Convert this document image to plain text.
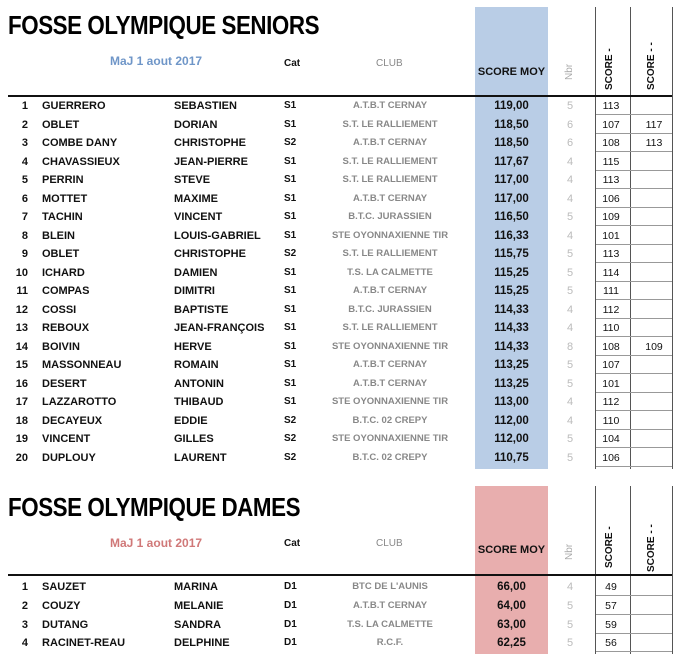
FOSSE OLYMPIQUE SENIORS
MaJ 1 aout 2017	Cat	CLUB
SCORE MOY Nbr	SCORE -	SCORE - -
1 GUERRERO	SEBASTIEN	S1	A.T.B.T CERNAY	119,00	5	113
2 OBLET	DORIAN	S1	S.T. LE RALLIEMENT	118,50	6	107	117
3 COMBE DANY	CHRISTOPHE	S2	A.T.B.T CERNAY	118,50	6	108	113
4 CHAVASSIEUX	JEAN-PIERRE	S1	S.T. LE RALLIEMENT	117,67	4	115
5 PERRIN	STEVE	S1	S.T. LE RALLIEMENT	117,00	4	113
6 MOTTET	MAXIME	S1	A.T.B.T CERNAY	117,00	4	106
7 TACHIN	VINCENT	S1	B.T.C. JURASSIEN	116,50	5	109
8 BLEIN	LOUIS-GABRIEL S1	STE OYONNAXIENNE TIR	116,33	4	101
9 OBLET	CHRISTOPHE	S2	S.T. LE RALLIEMENT	115,75	5	113
10 ICHARD	DAMIEN	S1	T.S. LA CALMETTE	115,25	5	114
11 COMPAS	DIMITRI	S1	A.T.B.T CERNAY	115,25	5	111
12 COSSI	BAPTISTE	S1	B.T.C. JURASSIEN	114,33	4	112
13 REBOUX	JEAN-FRANÇOIS S1	S.T. LE RALLIEMENT	114,33	4	110
14 BOIVIN	HERVE	S1	STE OYONNAXIENNE TIR	114,33	8	108	109
15 MASSONNEAU	ROMAIN	S1	A.T.B.T CERNAY	113,25	5	107
16 DESERT	ANTONIN	S1	A.T.B.T CERNAY	113,25	5	101
17 LAZZAROTTO	THIBAUD	S1	STE OYONNAXIENNE TIR	113,00	4	112
18 DECAYEUX	EDDIE	S2	B.T.C. 02 CREPY	112,00	4	110
19 VINCENT	GILLES	S2	STE OYONNAXIENNE TIR	112,00	5	104
20 DUPLOUY	LAURENT	S2	B.T.C. 02 CREPY	110,75	5	106
FOSSE OLYMPIQUE DAMES
MaJ 1 aout 2017	Cat	CLUB
SCORE MOY Nbr	SCORE -	SCORE - -
1 SAUZET	MARINA	D1	BTC DE L'AUNIS	66,00	4	49
2 COUZY	MELANIE	D1	A.T.B.T CERNAY	64,00	5	57
3 DUTANG	SANDRA	D1	T.S. LA CALMETTE	63,00	5	59
4 RACINET-REAU	DELPHINE	D1	R.C.F.	62,25	5	56
